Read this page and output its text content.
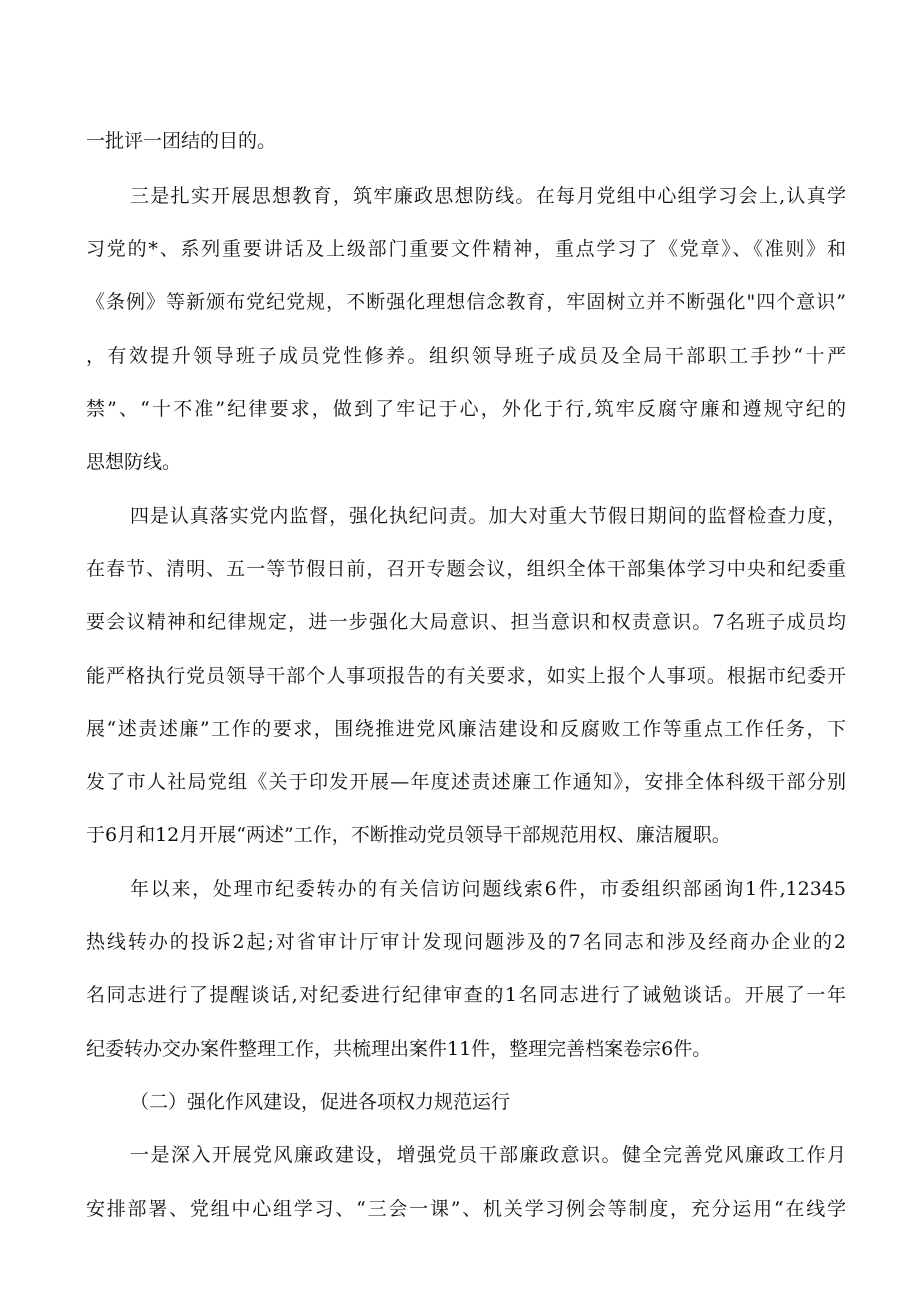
一批评一团结的目的。
三是扎实开展思想教育，筑牢廉政思想防线。在每月党组中心组学习会上,认真学
习党的*、系列重要讲话及上级部门重要文件精神，重点学习了《党章》、《准则》和
《条例》等新颁布党纪党规，不断强化理想信念教育，牢固树立并不断强化"四个意识”
，有效提升领导班子成员党性修养。组织领导班子成员及全局干部职工手抄“十严
禁”、“十不准”纪律要求，做到了牢记于心，外化于行,筑牢反腐守廉和遵规守纪的
思想防线。
四是认真落实党内监督，强化执纪问责。加大对重大节假日期间的监督检查力度，
在春节、清明、五一等节假日前，召开专题会议，组织全体干部集体学习中央和纪委重
要会议精神和纪律规定，进一步强化大局意识、担当意识和权责意识。7名班子成员均
能严格执行党员领导干部个人事项报告的有关要求，如实上报个人事项。根据市纪委开
展“述责述廉”工作的要求，围绕推进党风廉洁建设和反腐败工作等重点工作任务，下
发了市人社局党组《关于印发开展—年度述责述廉工作通知》，安排全体科级干部分别
于6月和12月开展“两述”工作，不断推动党员领导干部规范用权、廉洁履职。
年以来，处理市纪委转办的有关信访问题线索6件，市委组织部函询1件,12345
热线转办的投诉2起;对省审计厅审计发现问题涉及的7名同志和涉及经商办企业的2
名同志进行了提醒谈话,对纪委进行纪律审查的1名同志进行了诫勉谈话。开展了一年
纪委转办交办案件整理工作，共梳理出案件11件，整理完善档案卷宗6件。
（二）强化作风建设，促进各项权力规范运行
一是深入开展党风廉政建设，增强党员干部廉政意识。健全完善党风廉政工作月
安排部署、党组中心组学习、“三会一课”、机关学习例会等制度，充分运用“在线学
